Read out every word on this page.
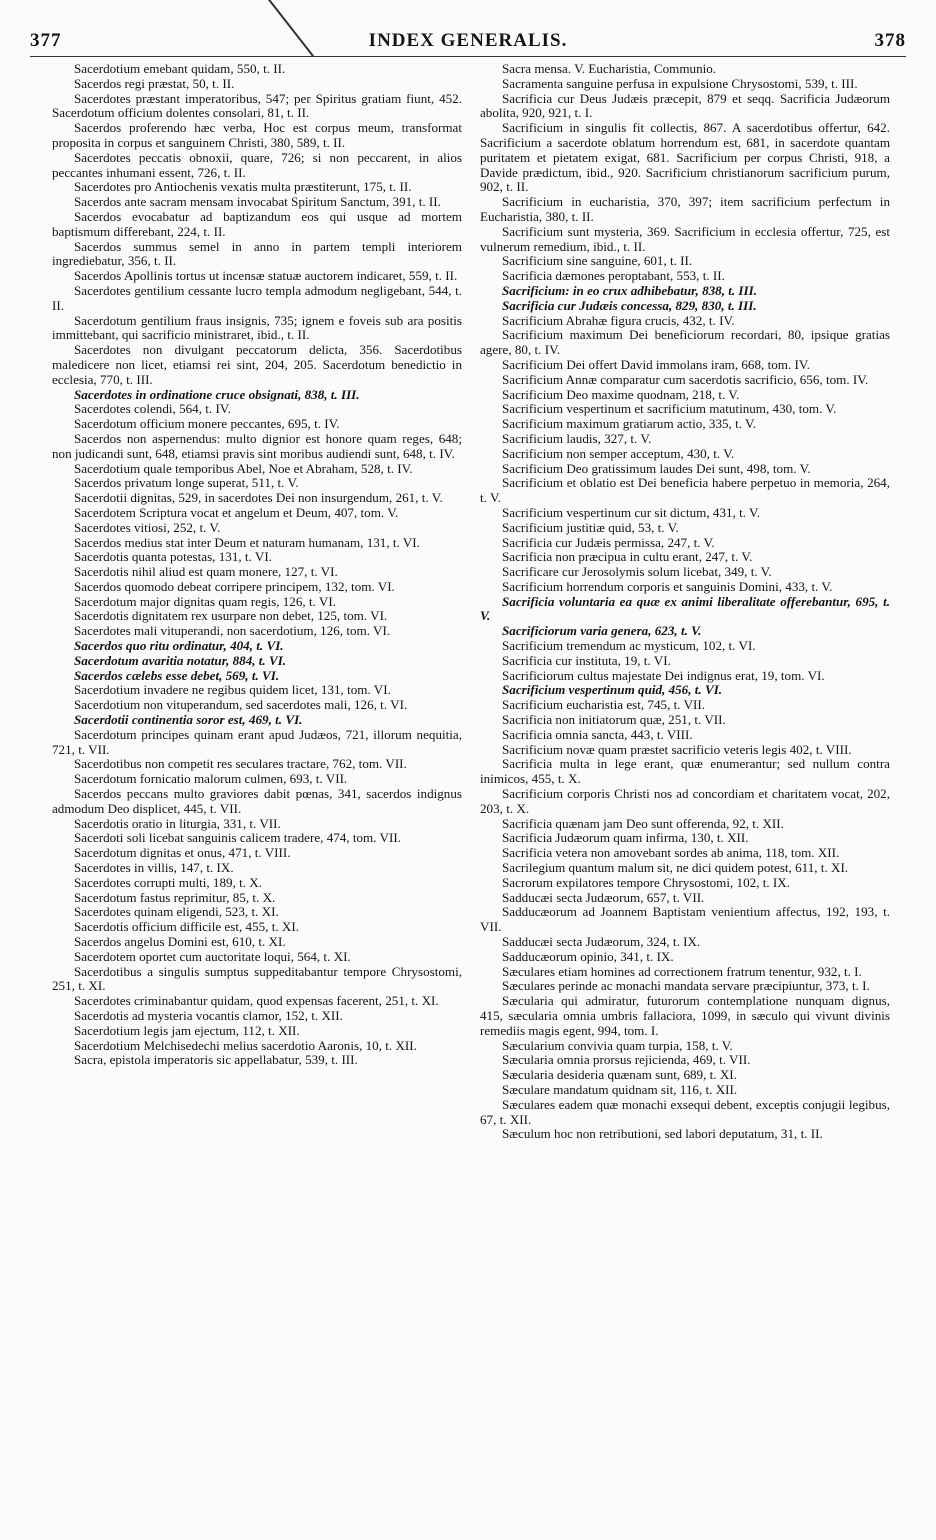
377	INDEX GENERALIS.	378

Sacerdotium emebant quidam, 550, t. II.

Sacerdos regi præstat, 50, t. II.

Sacerdotes præstant imperatoribus, 547; per Spiritus gratiam fiunt, 452. Sacerdotum officium dolentes consolari, 81, t. II.

Sacerdos proferendo hæc verba, Hoc est corpus meum, transformat proposita in corpus et sanguinem Christi, 380, 589, t. II.

Sacerdotes peccatis obnoxii, quare, 726; si non peccarent, in alios peccantes inhumani essent, 726, t. II.

Sacerdotes pro Antiochenis vexatis multa præstiterunt, 175, t. II.

Sacerdos ante sacram mensam invocabat Spiritum Sanctum, 391, t. II.

Sacerdos evocabatur ad baptizandum eos qui usque ad mortem baptismum differebant, 224, t. II.

Sacerdos summus semel in anno in partem templi interiorem ingrediebatur, 356, t. II.

Sacerdos Apollinis tortus ut incensæ statuæ auctorem indicaret, 559, t. II.

Sacerdotes gentilium cessante lucro templa admodum negligebant, 544, t. II.

Sacerdotum gentilium fraus insignis, 735; ignem e foveis sub ara positis immittebant, qui sacrificio ministraret, ibid., t. II.

Sacerdotes non divulgant peccatorum delicta, 356. Sacerdotibus maledicere non licet, etiamsi rei sint, 204, 205. Sacerdotum benedictio in ecclesia, 770, t. III.

Sacerdotes in ordinatione cruce obsignati, 838, t. III.

Sacerdotes colendi, 564, t. IV.

Sacerdotum officium monere peccantes, 695, t. IV.

Sacerdos non aspernendus: multo dignior est honore quam reges, 648; non judicandi sunt, 648, etiamsi pravis sint moribus audiendi sunt, 648, t. IV.

Sacerdotium quale temporibus Abel, Noe et Abraham, 528, t. IV.

Sacerdos privatum longe superat, 511, t. V.

Sacerdotii dignitas, 529, in sacerdotes Dei non insurgendum, 261, t. V.

Sacerdotem Scriptura vocat et angelum et Deum, 407, tom. V.

Sacerdotes vitiosi, 252, t. V.

Sacerdos medius stat inter Deum et naturam humanam, 131, t. VI.

Sacerdotis quanta potestas, 131, t. VI.

Sacerdotis nihil aliud est quam monere, 127, t. VI.

Sacerdos quomodo debeat corripere principem, 132, tom. VI.

Sacerdotum major dignitas quam regis, 126, t. VI.

Sacerdotis dignitatem rex usurpare non debet, 125, tom. VI.

Sacerdotes mali vituperandi, non sacerdotium, 126, tom. VI.

Sacerdos quo ritu ordinatur, 404, t. VI.

Sacerdotum avaritia notatur, 884, t. VI.

Sacerdos cælebs esse debet, 569, t. VI.

Sacerdotium invadere ne regibus quidem licet, 131, tom. VI.

Sacerdotium non vituperandum, sed sacerdotes mali, 126, t. VI.

Sacerdotii continentia soror est, 469, t. VI.

Sacerdotum principes quinam erant apud Judæos, 721, illorum nequitia, 721, t. VII.

Sacerdotibus non competit res seculares tractare, 762, tom. VII.

Sacerdotum fornicatio malorum culmen, 693, t. VII.

Sacerdos peccans multo graviores dabit pœnas, 341, sacerdos indignus admodum Deo displicet, 445, t. VII.

Sacerdotis oratio in liturgia, 331, t. VII.

Sacerdoti soli licebat sanguinis calicem tradere, 474, tom. VII.

Sacerdotum dignitas et onus, 471, t. VIII.

Sacerdotes in villis, 147, t. IX.

Sacerdotes corrupti multi, 189, t. X.

Sacerdotum fastus reprimitur, 85, t. X.

Sacerdotes quinam eligendi, 523, t. XI.

Sacerdotis officium difficile est, 455, t. XI.

Sacerdos angelus Domini est, 610, t. XI.

Sacerdotem oportet cum auctoritate loqui, 564, t. XI.

Sacerdotibus a singulis sumptus suppeditabantur tempore Chrysostomi, 251, t. XI.

Sacerdotes criminabantur quidam, quod expensas facerent, 251, t. XI.

Sacerdotis ad mysteria vocantis clamor, 152, t. XII.

Sacerdotium legis jam ejectum, 112, t. XII.

Sacerdotium Melchisedechi melius sacerdotio Aaronis, 10, t. XII.

Sacra, epistola imperatoris sic appellabatur, 539, t. III.

Sacra mensa. V. Eucharistia, Communio.

Sacramenta sanguine perfusa in expulsione Chrysostomi, 539, t. III.

Sacrificia cur Deus Judæis præcepit, 879 et seqq. Sacrificia Judæorum abolita, 920, 921, t. I.

Sacrificium in singulis fit collectis, 867. A sacerdotibus offertur, 642. Sacrificium a sacerdote oblatum horrendum est, 681, in sacerdote quantam puritatem et pietatem exigat, 681. Sacrificium per corpus Christi, 918, a Davide prædictum, ibid., 920. Sacrificium christianorum sacrificium purum, 902, t. II.

Sacrificium in eucharistia, 370, 397; item sacrificium perfectum in Eucharistia, 380, t. II.

Sacrificium sunt mysteria, 369. Sacrificium in ecclesia offertur, 725, est vulnerum remedium, ibid., t. II.

Sacrificium sine sanguine, 601, t. II.

Sacrificia dæmones peroptabant, 553, t. II.

Sacrificium: in eo crux adhibebatur, 838, t. III.

Sacrificia cur Judæis concessa, 829, 830, t. III.

Sacrificium Abrahæ figura crucis, 432, t. IV.

Sacrificium maximum Dei beneficiorum recordari, 80, ipsique gratias agere, 80, t. IV.

Sacrificium Dei offert David immolans iram, 668, tom. IV.

Sacrificium Annæ comparatur cum sacerdotis sacrificio, 656, tom. IV.

Sacrificium Deo maxime quodnam, 218, t. V.

Sacrificium vespertinum et sacrificium matutinum, 430, tom. V.

Sacrificium maximum gratiarum actio, 335, t. V.

Sacrificium laudis, 327, t. V.

Sacrificium non semper acceptum, 430, t. V.

Sacrificium Deo gratissimum laudes Dei sunt, 498, tom. V.

Sacrificium et oblatio est Dei beneficia habere perpetuo in memoria, 264, t. V.

Sacrificium vespertinum cur sit dictum, 431, t. V.

Sacrificium justitiæ quid, 53, t. V.

Sacrificia cur Judæis permissa, 247, t. V.

Sacrificia non præcipua in cultu erant, 247, t. V.

Sacrificare cur Jerosolymis solum licebat, 349, t. V.

Sacrificium horrendum corporis et sanguinis Domini, 433, t. V.

Sacrificia voluntaria ea quæ ex animi liberalitate offerebantur, 695, t. V.

Sacrificiorum varia genera, 623, t. V.

Sacrificium tremendum ac mysticum, 102, t. VI.

Sacrificia cur instituta, 19, t. VI.

Sacrificiorum cultus majestate Dei indignus erat, 19, tom. VI.

Sacrificium vespertinum quid, 456, t. VI.

Sacrificium eucharistia est, 745, t. VII.

Sacrificia non initiatorum quæ, 251, t. VII.

Sacrificia omnia sancta, 443, t. VIII.

Sacrificium novæ quam præstet sacrificio veteris legis 402, t. VIII.

Sacrificia multa in lege erant, quæ enumerantur; sed nullum contra inimicos, 455, t. X.

Sacrificium corporis Christi nos ad concordiam et charitatem vocat, 202, 203, t. X.

Sacrificia quænam jam Deo sunt offerenda, 92, t. XII.

Sacrificia Judæorum quam infirma, 130, t. XII.

Sacrificia vetera non amovebant sordes ab anima, 118, tom. XII.

Sacrilegium quantum malum sit, ne dici quidem potest, 611, t. XI.

Sacrorum expilatores tempore Chrysostomi, 102, t. IX.

Sadducæi secta Judæorum, 657, t. VII.

Sadducæorum ad Joannem Baptistam venientium affectus, 192, 193, t. VII.

Sadducæi secta Judæorum, 324, t. IX.

Sadducæorum opinio, 341, t. IX.

Sæculares etiam homines ad correctionem fratrum tenentur, 932, t. I.

Sæculares perinde ac monachi mandata servare præcipiuntur, 373, t. I.

Sæcularia qui admiratur, futurorum contemplatione nunquam dignus, 415, sæcularia omnia umbris fallaciora, 1099, in sæculo qui vivunt divinis remediis magis egent, 994, tom. I.

Sæcularium convivia quam turpia, 158, t. V.

Sæcularia omnia prorsus rejicienda, 469, t. VII.

Sæcularia desideria quænam sunt, 689, t. XI.

Sæculare mandatum quidnam sit, 116, t. XII.

Sæculares eadem quæ monachi exsequi debent, exceptis conjugii legibus, 67, t. XII.

Sæculum hoc non retributioni, sed labori deputatum, 31, t. II.
